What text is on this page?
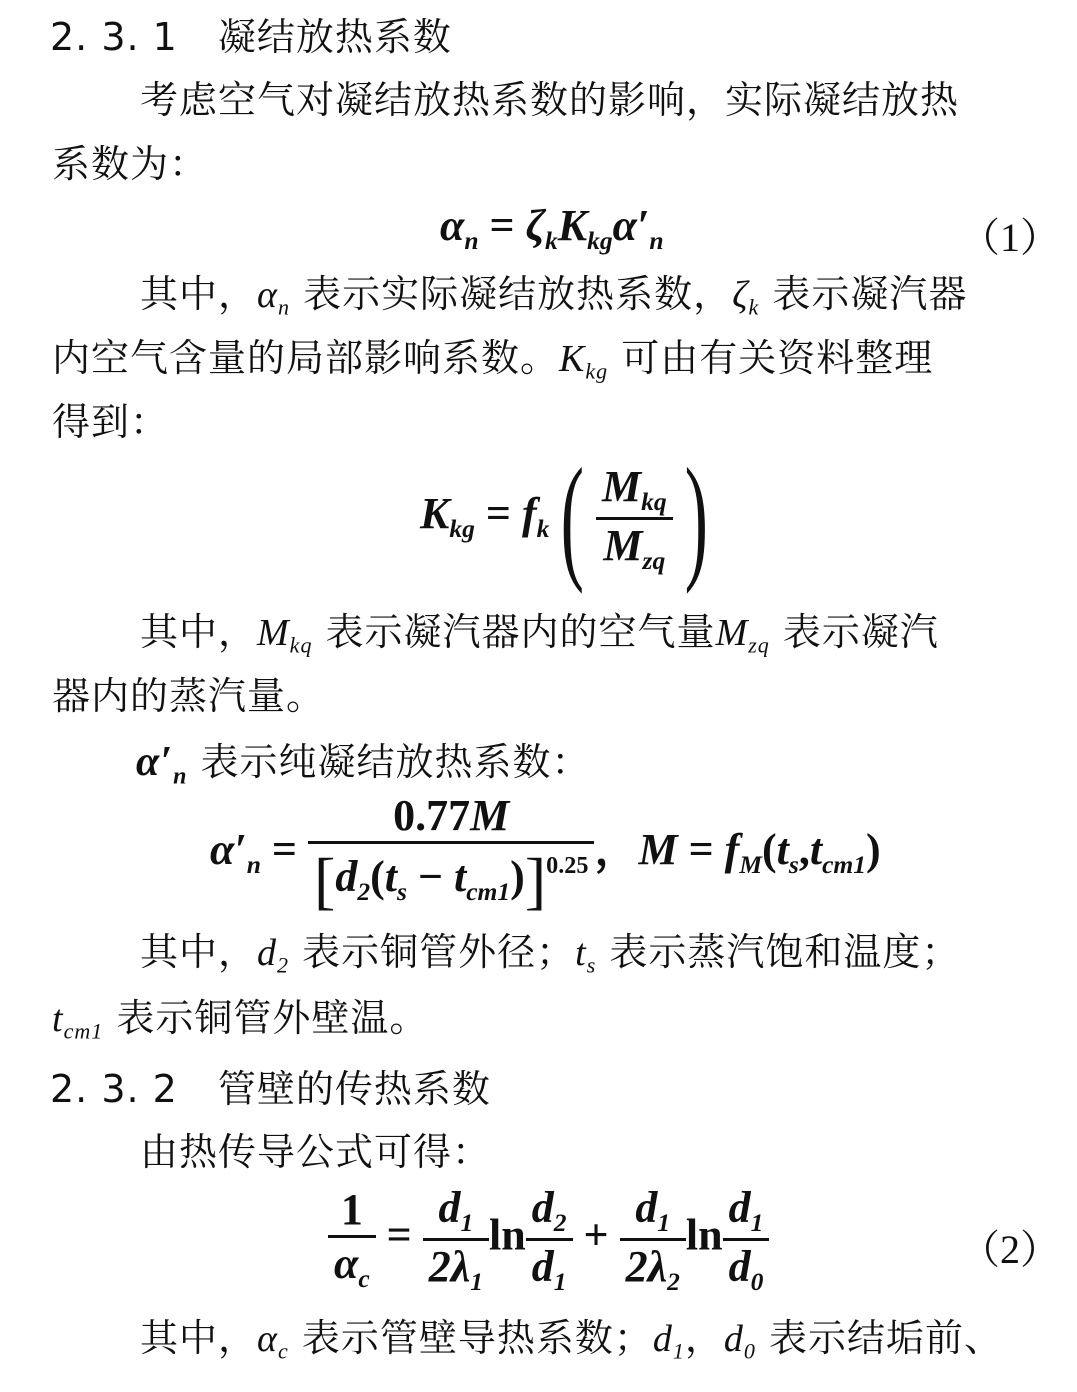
2. 3. 1 凝结放热系数
考虑空气对凝结放热系数的影响，实际凝结放热
系数为：
$\alpha_n = \zeta_kK_{kg}\alpha'_n$	（1）
其中，$\alpha_n$ 表示实际凝结放热系数，$\zeta_k$ 表示凝汽器
内空气含量的局部影响系数。$K_{kg}$ 可由有关资料整理
得到：
$K_{kg} = f_k( \frac{M_{kq}}{M_{zq}}$ )
其中，$M_{kq}$ 表示凝汽器内的空气量$M_{zq}$ 表示凝汽
器内的蒸汽量。
$\alpha'_n$ 表示纯凝结放热系数：
$\alpha'_n = \frac{0.77M}{[d_2(t_s - t_{cm1})]^{0.25}}$ ，$M = f_M(t_s,t_{cm1})$
其中，$d_2$ 表示铜管外径；$t_s$ 表示蒸汽饱和温度；
$t_{cm1}$ 表示铜管外壁温。
2. 3. 2 管壁的传热系数
由热传导公式可得：
$\frac{1}{\alpha_c} = \frac{d_1}{2\lambda_1}$ $\ln \frac{d_2}{d_1} + \frac{d_1}{2\lambda_2}$ $\ln \frac{d_1}{d_0}$	（2）
其中，$\alpha_c$ 表示管壁导热系数；$d_1$，$d_0$ 表示结垢前、
